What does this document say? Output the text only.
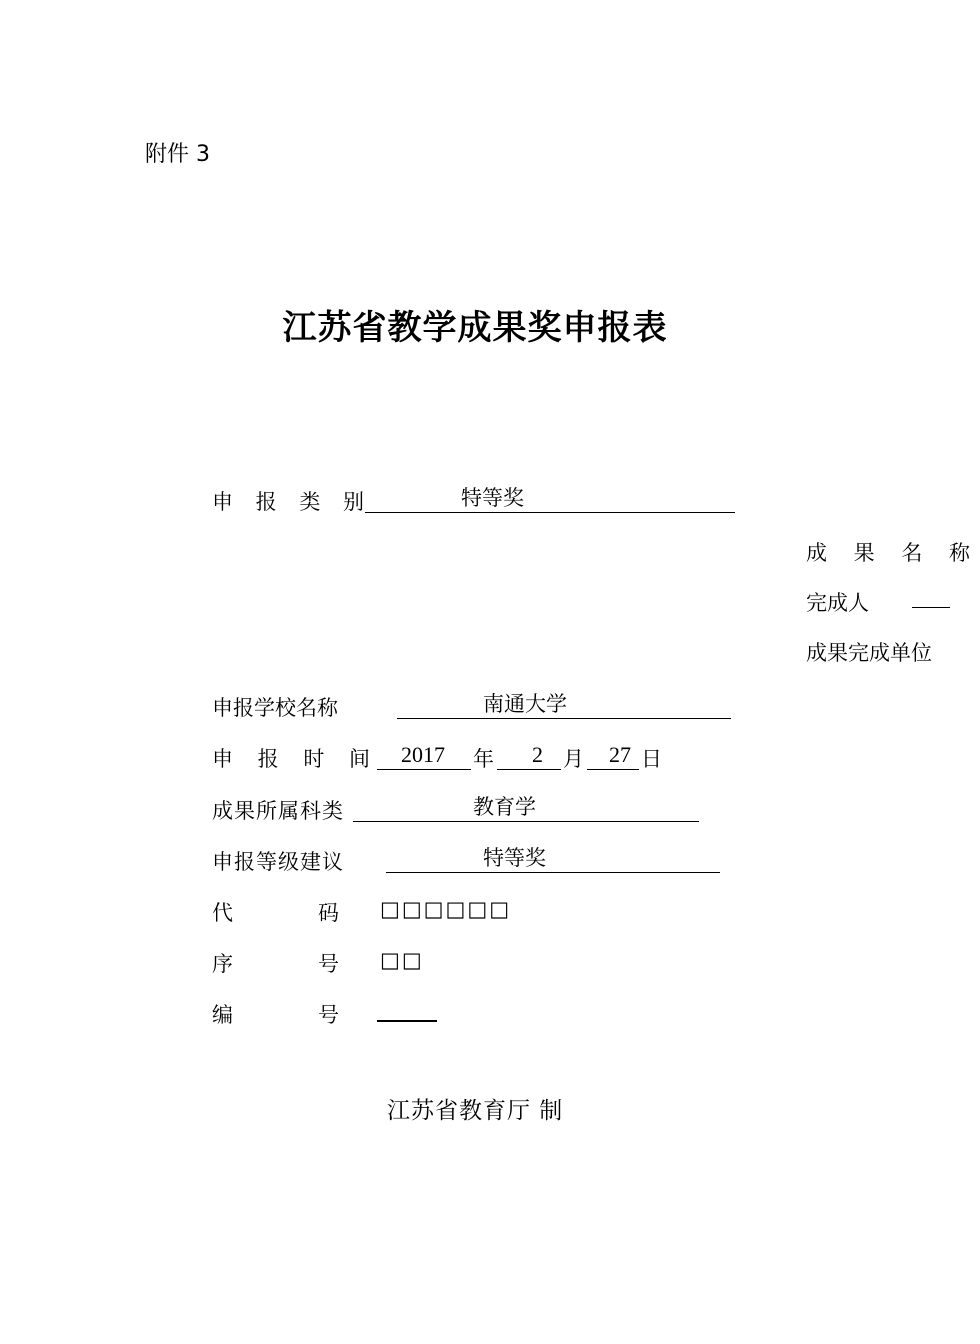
附件 3
江苏省教学成果奖申报表
申 报 类 别	特等奖
成 果 名 称
完成人
成果完成单位
申报学校名称	南通大学
申 报 时 间 2017 年 2 月 27 日
成果所属科类	教育学
申报等级建议	特等奖
代	码 □□□□□□
序	号 □□
编	号
江苏省教育厅 制
